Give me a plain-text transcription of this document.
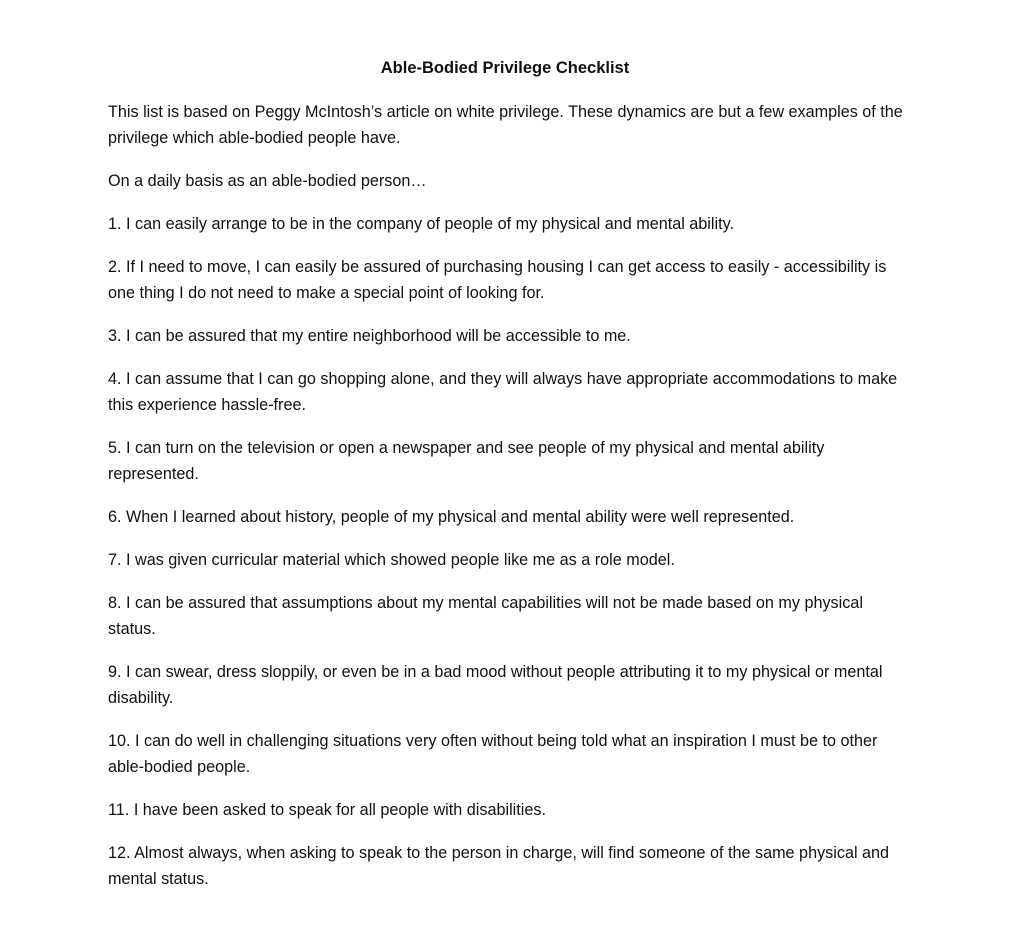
Able-Bodied Privilege Checklist

This list is based on Peggy McIntosh’s article on white privilege. These dynamics are but a few examples of the privilege which able-bodied people have.

On a daily basis as an able-bodied person…

1. I can easily arrange to be in the company of people of my physical and mental ability.
2. If I need to move, I can easily be assured of purchasing housing I can get access to easily - accessibility is one thing I do not need to make a special point of looking for.
3. I can be assured that my entire neighborhood will be accessible to me.
4. I can assume that I can go shopping alone, and they will always have appropriate accommodations to make this experience hassle-free.
5. I can turn on the television or open a newspaper and see people of my physical and mental ability represented.
6. When I learned about history, people of my physical and mental ability were well represented.
7. I was given curricular material which showed people like me as a role model.
8. I can be assured that assumptions about my mental capabilities will not be made based on my physical status.
9. I can swear, dress sloppily, or even be in a bad mood without people attributing it to my physical or mental disability.
10. I can do well in challenging situations very often without being told what an inspiration I must be to other able-bodied people.
11. I have been asked to speak for all people with disabilities.
12. Almost always, when asking to speak to the person in charge, will find someone of the same physical and mental status.
